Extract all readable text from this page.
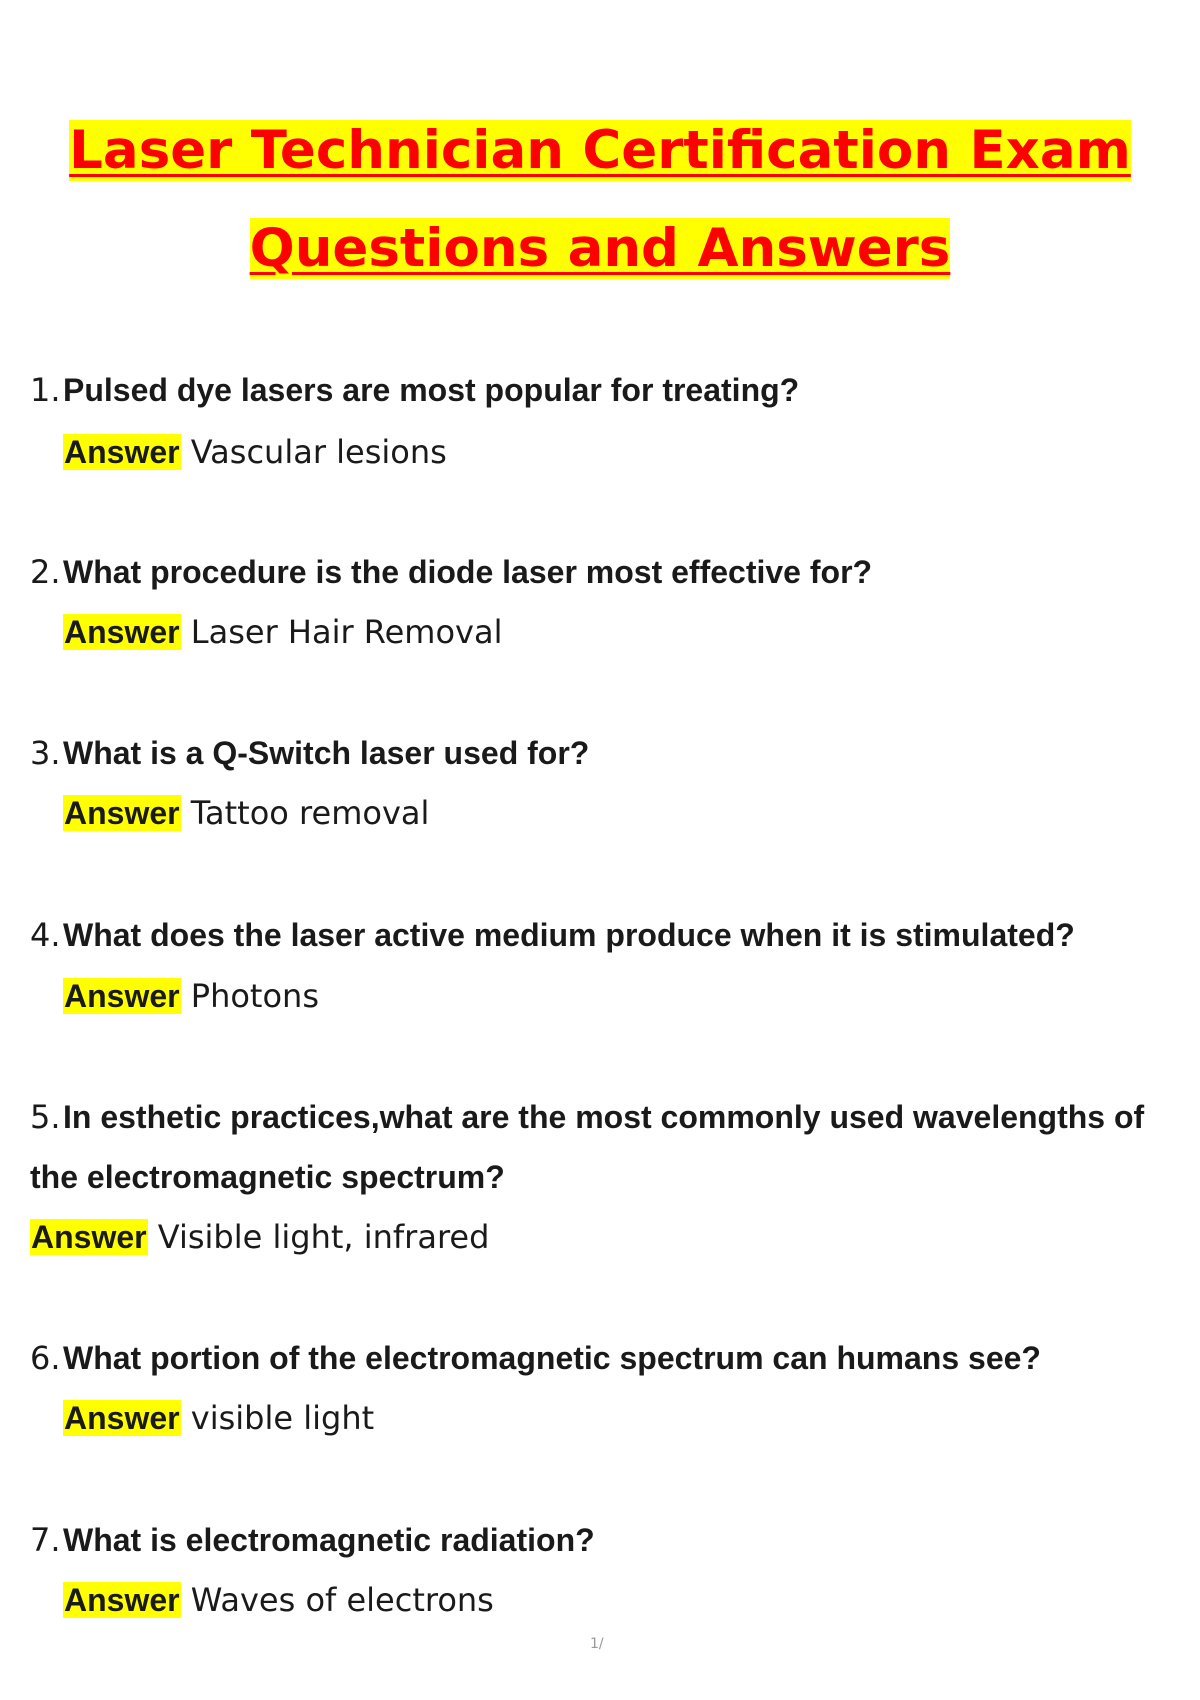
Laser Technician Certification Exam
Questions and Answers
1.Pulsed dye lasers are most popular for treating?
Answer Vascular lesions
2.What procedure is the diode laser most effective for?
Answer Laser Hair Removal
3.What is a Q-Switch laser used for?
Answer Tattoo removal
4.What does the laser active medium produce when it is stimulated?
Answer Photons
5.In esthetic practices,what are the most commonly used wavelengths of
the electromagnetic spectrum?
Answer Visible light, infrared
6.What portion of the electromagnetic spectrum can humans see?
Answer visible light
7.What is electromagnetic radiation?
Answer Waves of electrons
1/
